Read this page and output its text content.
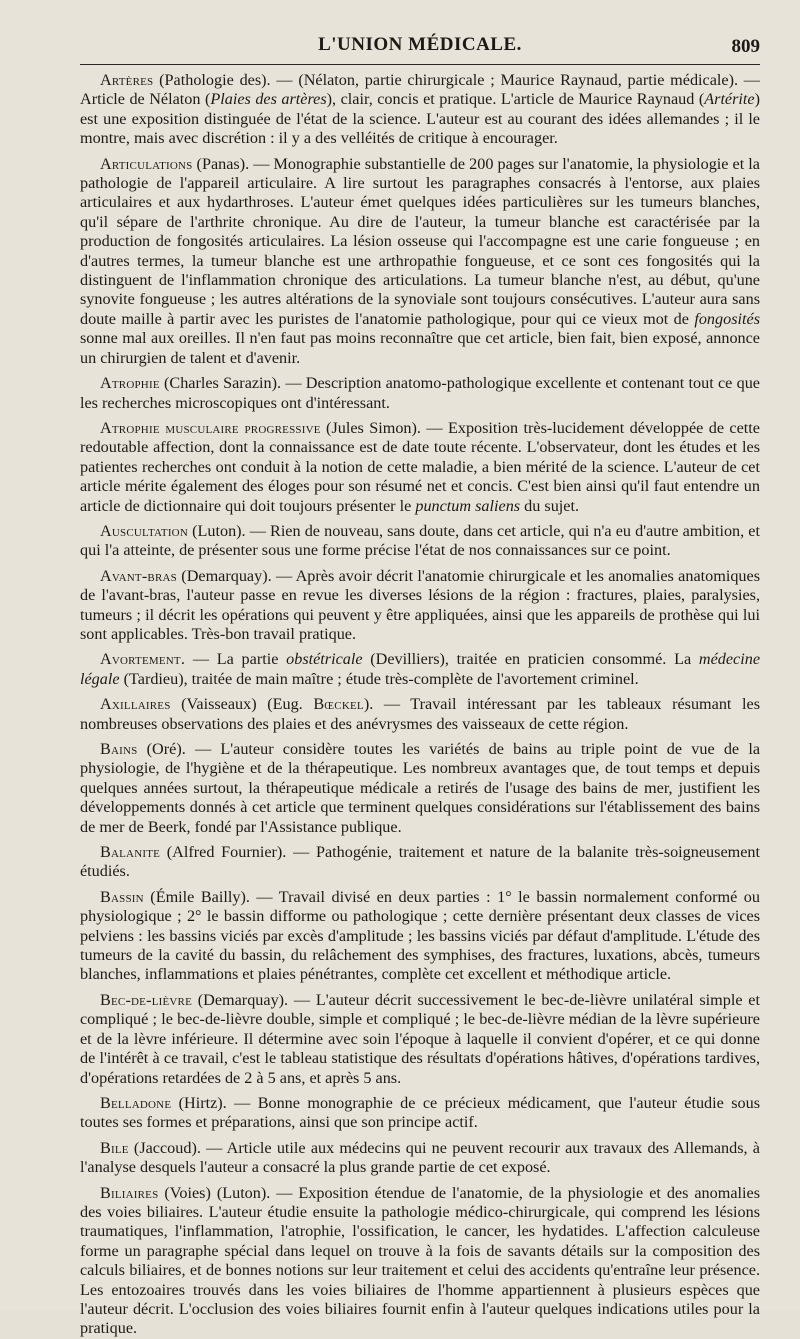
L'UNION MÉDICALE.	809

Artères (Pathologie des). — (Nélaton, partie chirurgicale ; Maurice Raynaud, partie médicale). — Article de Nélaton (Plaies des artères), clair, concis et pratique. L'article de Maurice Raynaud (Artérite) est une exposition distinguée de l'état de la science. L'auteur est au courant des idées allemandes ; il le montre, mais avec discrétion : il y a des velléités de critique à encourager.

Articulations (Panas). — Monographie substantielle de 200 pages sur l'anatomie, la physiologie et la pathologie de l'appareil articulaire. A lire surtout les paragraphes consacrés à l'entorse, aux plaies articulaires et aux hydarthroses. L'auteur émet quelques idées particulières sur les tumeurs blanches, qu'il sépare de l'arthrite chronique. Au dire de l'auteur, la tumeur blanche est caractérisée par la production de fongosités articulaires. La lésion osseuse qui l'accompagne est une carie fongueuse ; en d'autres termes, la tumeur blanche est une arthropathie fongueuse, et ce sont ces fongosités qui la distinguent de l'inflammation chronique des articulations. La tumeur blanche n'est, au début, qu'une synovite fongueuse ; les autres altérations de la synoviale sont toujours consécutives. L'auteur aura sans doute maille à partir avec les puristes de l'anatomie pathologique, pour qui ce vieux mot de fongosités sonne mal aux oreilles. Il n'en faut pas moins reconnaître que cet article, bien fait, bien exposé, annonce un chirurgien de talent et d'avenir.

Atrophie (Charles Sarazin). — Description anatomo-pathologique excellente et contenant tout ce que les recherches microscopiques ont d'intéressant.

Atrophie musculaire progressive (Jules Simon). — Exposition très-lucidement développée de cette redoutable affection, dont la connaissance est de date toute récente. L'observateur, dont les études et les patientes recherches ont conduit à la notion de cette maladie, a bien mérité de la science. L'auteur de cet article mérite également des éloges pour son résumé net et concis. C'est bien ainsi qu'il faut entendre un article de dictionnaire qui doit toujours présenter le punctum saliens du sujet.

Auscultation (Luton). — Rien de nouveau, sans doute, dans cet article, qui n'a eu d'autre ambition, et qui l'a atteinte, de présenter sous une forme précise l'état de nos connaissances sur ce point.

Avant-bras (Demarquay). — Après avoir décrit l'anatomie chirurgicale et les anomalies anatomiques de l'avant-bras, l'auteur passe en revue les diverses lésions de la région : fractures, plaies, paralysies, tumeurs ; il décrit les opérations qui peuvent y être appliquées, ainsi que les appareils de prothèse qui lui sont applicables. Très-bon travail pratique.

Avortement. — La partie obstétricale (Devilliers), traitée en praticien consommé. La médecine légale (Tardieu), traitée de main maître ; étude très-complète de l'avortement criminel.

Axillaires (Vaisseaux) (Eug. Bœckel). — Travail intéressant par les tableaux résumant les nombreuses observations des plaies et des anévrysmes des vaisseaux de cette région.

Bains (Oré). — L'auteur considère toutes les variétés de bains au triple point de vue de la physiologie, de l'hygiène et de la thérapeutique. Les nombreux avantages que, de tout temps et depuis quelques années surtout, la thérapeutique médicale a retirés de l'usage des bains de mer, justifient les développements donnés à cet article que terminent quelques considérations sur l'établissement des bains de mer de Beerk, fondé par l'Assistance publique.

Balanite (Alfred Fournier). — Pathogénie, traitement et nature de la balanite très-soigneusement étudiés.

Bassin (Émile Bailly). — Travail divisé en deux parties : 1° le bassin normalement conformé ou physiologique ; 2° le bassin difforme ou pathologique ; cette dernière présentant deux classes de vices pelviens : les bassins viciés par excès d'amplitude ; les bassins viciés par défaut d'amplitude. L'étude des tumeurs de la cavité du bassin, du relâchement des symphises, des fractures, luxations, abcès, tumeurs blanches, inflammations et plaies pénétrantes, complète cet excellent et méthodique article.

Bec-de-lièvre (Demarquay). — L'auteur décrit successivement le bec-de-lièvre unilatéral simple et compliqué ; le bec-de-lièvre double, simple et compliqué ; le bec-de-lièvre médian de la lèvre supérieure et de la lèvre inférieure. Il détermine avec soin l'époque à laquelle il convient d'opérer, et ce qui donne de l'intérêt à ce travail, c'est le tableau statistique des résultats d'opérations hâtives, d'opérations tardives, d'opérations retardées de 2 à 5 ans, et après 5 ans.

Belladone (Hirtz). — Bonne monographie de ce précieux médicament, que l'auteur étudie sous toutes ses formes et préparations, ainsi que son principe actif.

Bile (Jaccoud). — Article utile aux médecins qui ne peuvent recourir aux travaux des Allemands, à l'analyse desquels l'auteur a consacré la plus grande partie de cet exposé.

Biliaires (Voies) (Luton). — Exposition étendue de l'anatomie, de la physiologie et des anomalies des voies biliaires. L'auteur étudie ensuite la pathologie médico-chirurgicale, qui comprend les lésions traumatiques, l'inflammation, l'atrophie, l'ossification, le cancer, les hydatides. L'affection calculeuse forme un paragraphe spécial dans lequel on trouve à la fois de savants détails sur la composition des calculs biliaires, et de bonnes notions sur leur traitement et celui des accidents qu'entraîne leur présence. Les entozoaires trouvés dans les voies biliaires de l'homme appartiennent à plusieurs espèces que l'auteur décrit. L'occlusion des voies biliaires fournit enfin à l'auteur quelques indications utiles pour la pratique.
